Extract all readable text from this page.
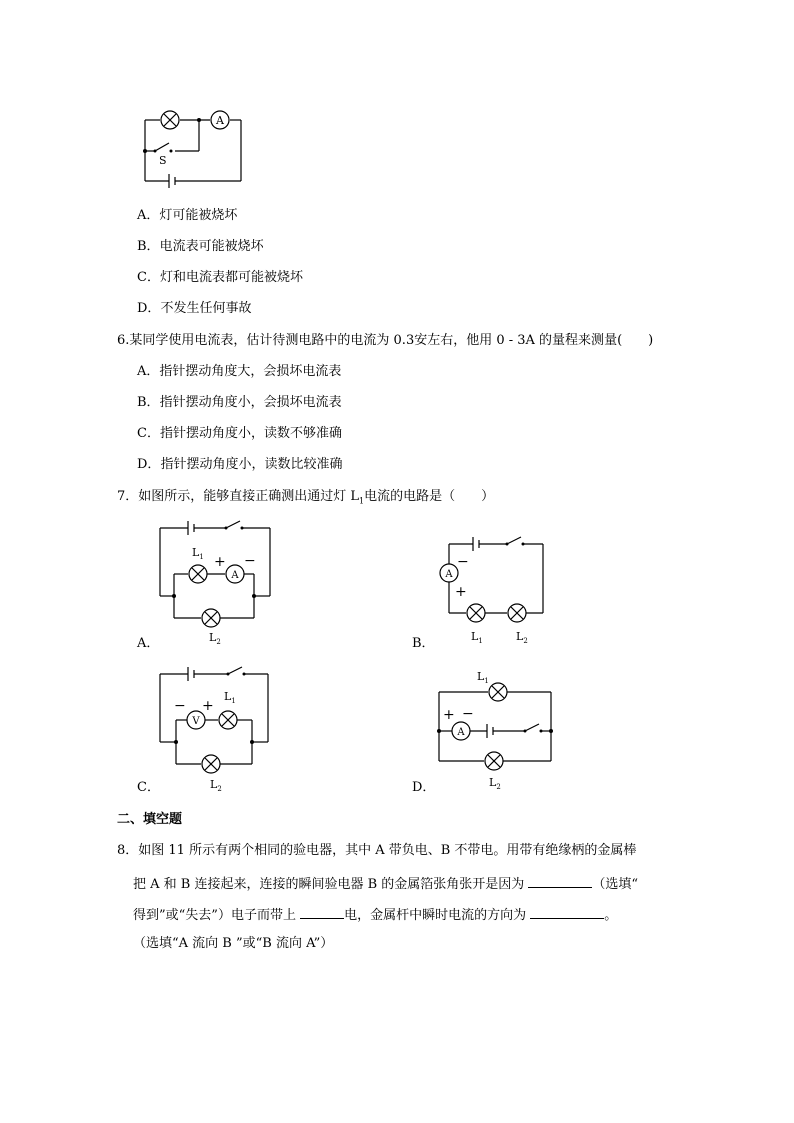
A
S
A．灯可能被烧坏
B．电流表可能被烧坏
C．灯和电流表都可能被烧坏
D．不发生任何事故
6.某同学使用电流表，估计待测电路中的电流为 0.3安左右，他用 0 - 3A 的量程来测量(　　)
A．指针摆动角度大，会损坏电流表
B．指针摆动角度小，会损坏电流表
C．指针摆动角度小，读数不够准确
D．指针摆动角度小，读数比较准确
7．如图所示，能够直接正确测出通过灯 $L_1$电流的电路是（　　）
A
$L_1$ + −
$L_2$
A．
A
−
+
$L_1$	$L_2$
B．
V
− +
$L_1$
$L_2$
C．
$L_1$
A
+ −
$L_2$
D．
二、填空题
8．如图 11 所示有两个相同的验电器，其中 A 带负电、B 不带电。用带有绝缘柄的金属棒
把 A 和 B 连接起来，连接的瞬间验电器 B 的金属箔张角张开是因为	（选填“
得到”或“失去”）电子而带上	电，金属杆中瞬时电流的方向为	。
（选填“A 流向 B ”或“B 流向 A”）
